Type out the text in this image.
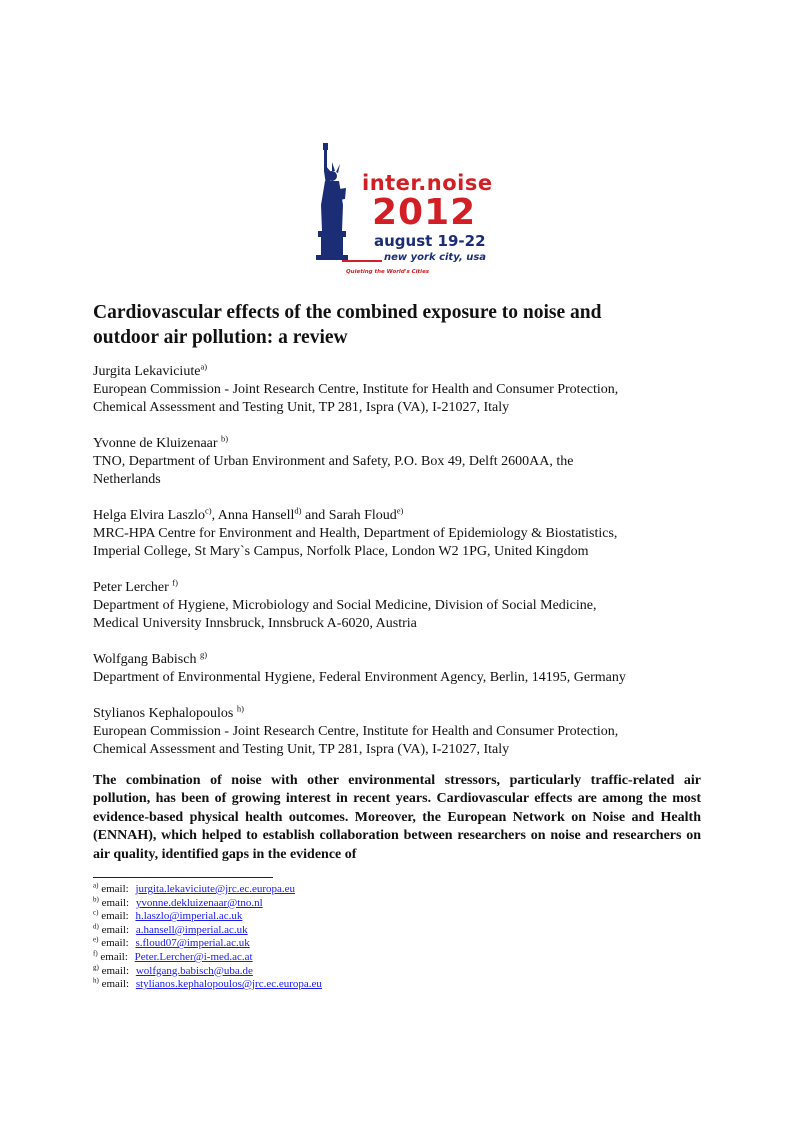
inter.noise
2012
august 19-22
new york city, usa
Quieting the World's Cities
Cardiovascular effects of the combined exposure to noise and
outdoor air pollution: a review

Jurgita Lekaviciute$^{a)}$

European Commission - Joint Research Centre, Institute for Health and Consumer Protection,

Chemical Assessment and Testing Unit, TP 281, Ispra (VA), I-21027, Italy

Yvonne de Kluizenaar $^{b)}$

TNO, Department of Urban Environment and Safety, P.O. Box 49, Delft 2600AA, the

Netherlands

Helga Elvira Laszlo$^{c)}$, Anna Hansell$^{d)}$ and Sarah Floud$^{e)}$

MRC-HPA Centre for Environment and Health, Department of Epidemiology & Biostatistics,

Imperial College, St Mary`s Campus, Norfolk Place, London W2 1PG, United Kingdom

Peter Lercher $^{f)}$

Department of Hygiene, Microbiology and Social Medicine, Division of Social Medicine,

Medical University Innsbruck, Innsbruck A-6020, Austria

Wolfgang Babisch $^{g)}$

Department of Environmental Hygiene, Federal Environment Agency, Berlin, 14195, Germany

Stylianos Kephalopoulos $^{h)}$

European Commission - Joint Research Centre, Institute for Health and Consumer Protection,

Chemical Assessment and Testing Unit, TP 281, Ispra (VA), I-21027, Italy

The combination of noise with other environmental stressors, particularly traffic-related air pollution, has been of growing interest in recent years. Cardiovascular effects are among the most evidence-based physical health outcomes. Moreover, the European Network on Noise and Health (ENNAH), which helped to establish collaboration between researchers on noise and researchers on air quality, identified gaps in the evidence of

$^{a)}$ email: jurgita.lekaviciute@jrc.ec.europa.eu
$^{b)}$ email: yvonne.dekluizenaar@tno.nl
$^{c)}$ email: h.laszlo@imperial.ac.uk
$^{d)}$ email: a.hansell@imperial.ac.uk
$^{e)}$ email: s.floud07@imperial.ac.uk
$^{f)}$ email: Peter.Lercher@i-med.ac.at
$^{g)}$ email: wolfgang.babisch@uba.de
$^{h)}$ email: stylianos.kephalopoulos@jrc.ec.europa.eu
